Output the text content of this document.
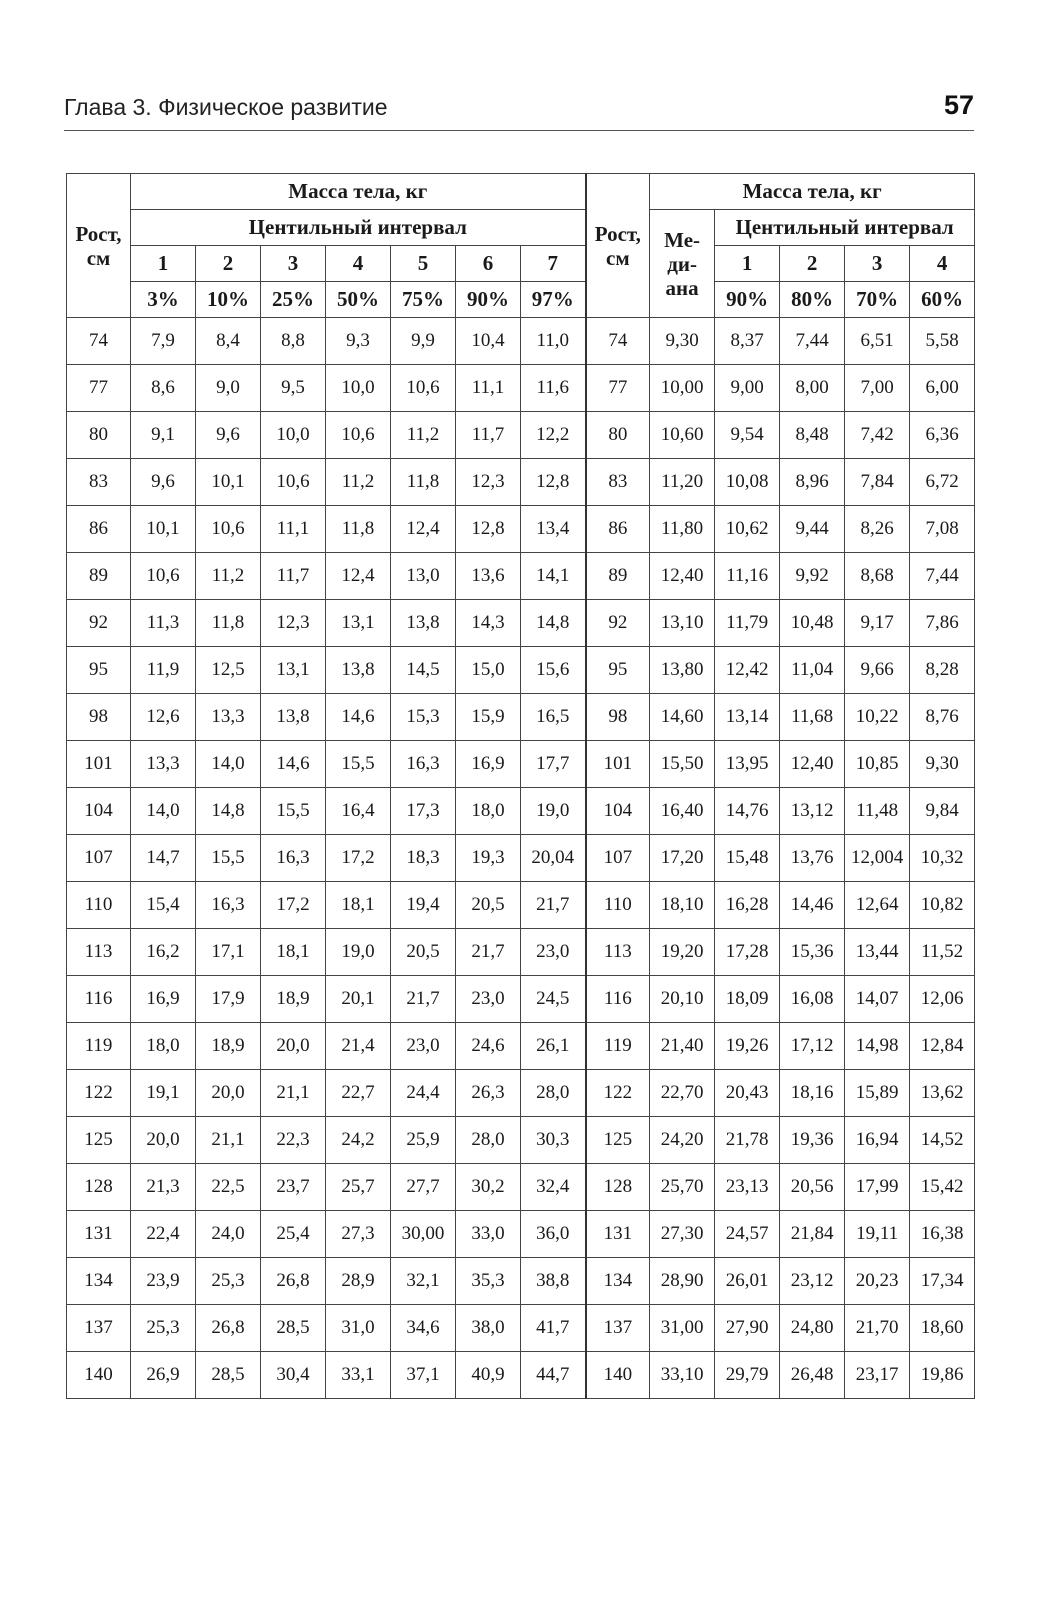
Глава 3. Физическое развитие	57
Рост, см	Масса тела, кг							Рост, см	Масса тела, кг				
	Центильный интервал								Ме- ди- ана	Центильный интервал			
	1	2	3	4	5	6	7			1	2	3	4
	3%	10%	25%	50%	75%	90%	97%			90%	80%	70%	60%
74	7,9	8,4	8,8	9,3	9,9	10,4	11,0	74	9,30	8,37	7,44	6,51	5,58
77	8,6	9,0	9,5	10,0	10,6	11,1	11,6	77	10,00	9,00	8,00	7,00	6,00
80	9,1	9,6	10,0	10,6	11,2	11,7	12,2	80	10,60	9,54	8,48	7,42	6,36
83	9,6	10,1	10,6	11,2	11,8	12,3	12,8	83	11,20	10,08	8,96	7,84	6,72
86	10,1	10,6	11,1	11,8	12,4	12,8	13,4	86	11,80	10,62	9,44	8,26	7,08
89	10,6	11,2	11,7	12,4	13,0	13,6	14,1	89	12,40	11,16	9,92	8,68	7,44
92	11,3	11,8	12,3	13,1	13,8	14,3	14,8	92	13,10	11,79	10,48	9,17	7,86
95	11,9	12,5	13,1	13,8	14,5	15,0	15,6	95	13,80	12,42	11,04	9,66	8,28
98	12,6	13,3	13,8	14,6	15,3	15,9	16,5	98	14,60	13,14	11,68	10,22	8,76
101	13,3	14,0	14,6	15,5	16,3	16,9	17,7	101	15,50	13,95	12,40	10,85	9,30
104	14,0	14,8	15,5	16,4	17,3	18,0	19,0	104	16,40	14,76	13,12	11,48	9,84
107	14,7	15,5	16,3	17,2	18,3	19,3	20,04	107	17,20	15,48	13,76	12,004	10,32
110	15,4	16,3	17,2	18,1	19,4	20,5	21,7	110	18,10	16,28	14,46	12,64	10,82
113	16,2	17,1	18,1	19,0	20,5	21,7	23,0	113	19,20	17,28	15,36	13,44	11,52
116	16,9	17,9	18,9	20,1	21,7	23,0	24,5	116	20,10	18,09	16,08	14,07	12,06
119	18,0	18,9	20,0	21,4	23,0	24,6	26,1	119	21,40	19,26	17,12	14,98	12,84
122	19,1	20,0	21,1	22,7	24,4	26,3	28,0	122	22,70	20,43	18,16	15,89	13,62
125	20,0	21,1	22,3	24,2	25,9	28,0	30,3	125	24,20	21,78	19,36	16,94	14,52
128	21,3	22,5	23,7	25,7	27,7	30,2	32,4	128	25,70	23,13	20,56	17,99	15,42
131	22,4	24,0	25,4	27,3	30,00	33,0	36,0	131	27,30	24,57	21,84	19,11	16,38
134	23,9	25,3	26,8	28,9	32,1	35,3	38,8	134	28,90	26,01	23,12	20,23	17,34
137	25,3	26,8	28,5	31,0	34,6	38,0	41,7	137	31,00	27,90	24,80	21,70	18,60
140	26,9	28,5	30,4	33,1	37,1	40,9	44,7	140	33,10	29,79	26,48	23,17	19,86
